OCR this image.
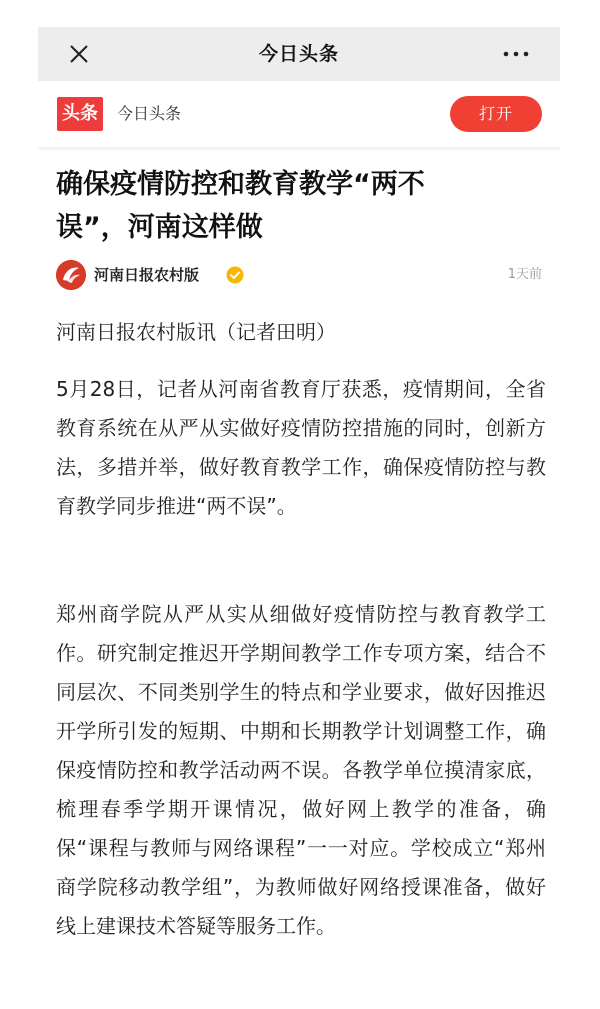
今日头条
头条	今日头条	打开
确保疫情防控和教育教学“两不误”，河南这样做
河南日报农村版	1天前

河南日报农村版讯（记者田明）

5月28日，记者从河南省教育厅获悉，疫情期间，全省教育系统在从严从实做好疫情防控措施的同时，创新方法，多措并举，做好教育教学工作，确保疫情防控与教育教学同步推进“两不误”。

郑州商学院从严从实从细做好疫情防控与教育教学工作。研究制定推迟开学期间教学工作专项方案，结合不同层次、不同类别学生的特点和学业要求，做好因推迟开学所引发的短期、中期和长期教学计划调整工作，确保疫情防控和教学活动两不误。各教学单位摸清家底，梳理春季学期开课情况，做好网上教学的准备，确保“课程与教师与网络课程”一一对应。学校成立“郑州商学院移动教学组”，为教师做好网络授课准备，做好线上建课技术答疑等服务工作。
